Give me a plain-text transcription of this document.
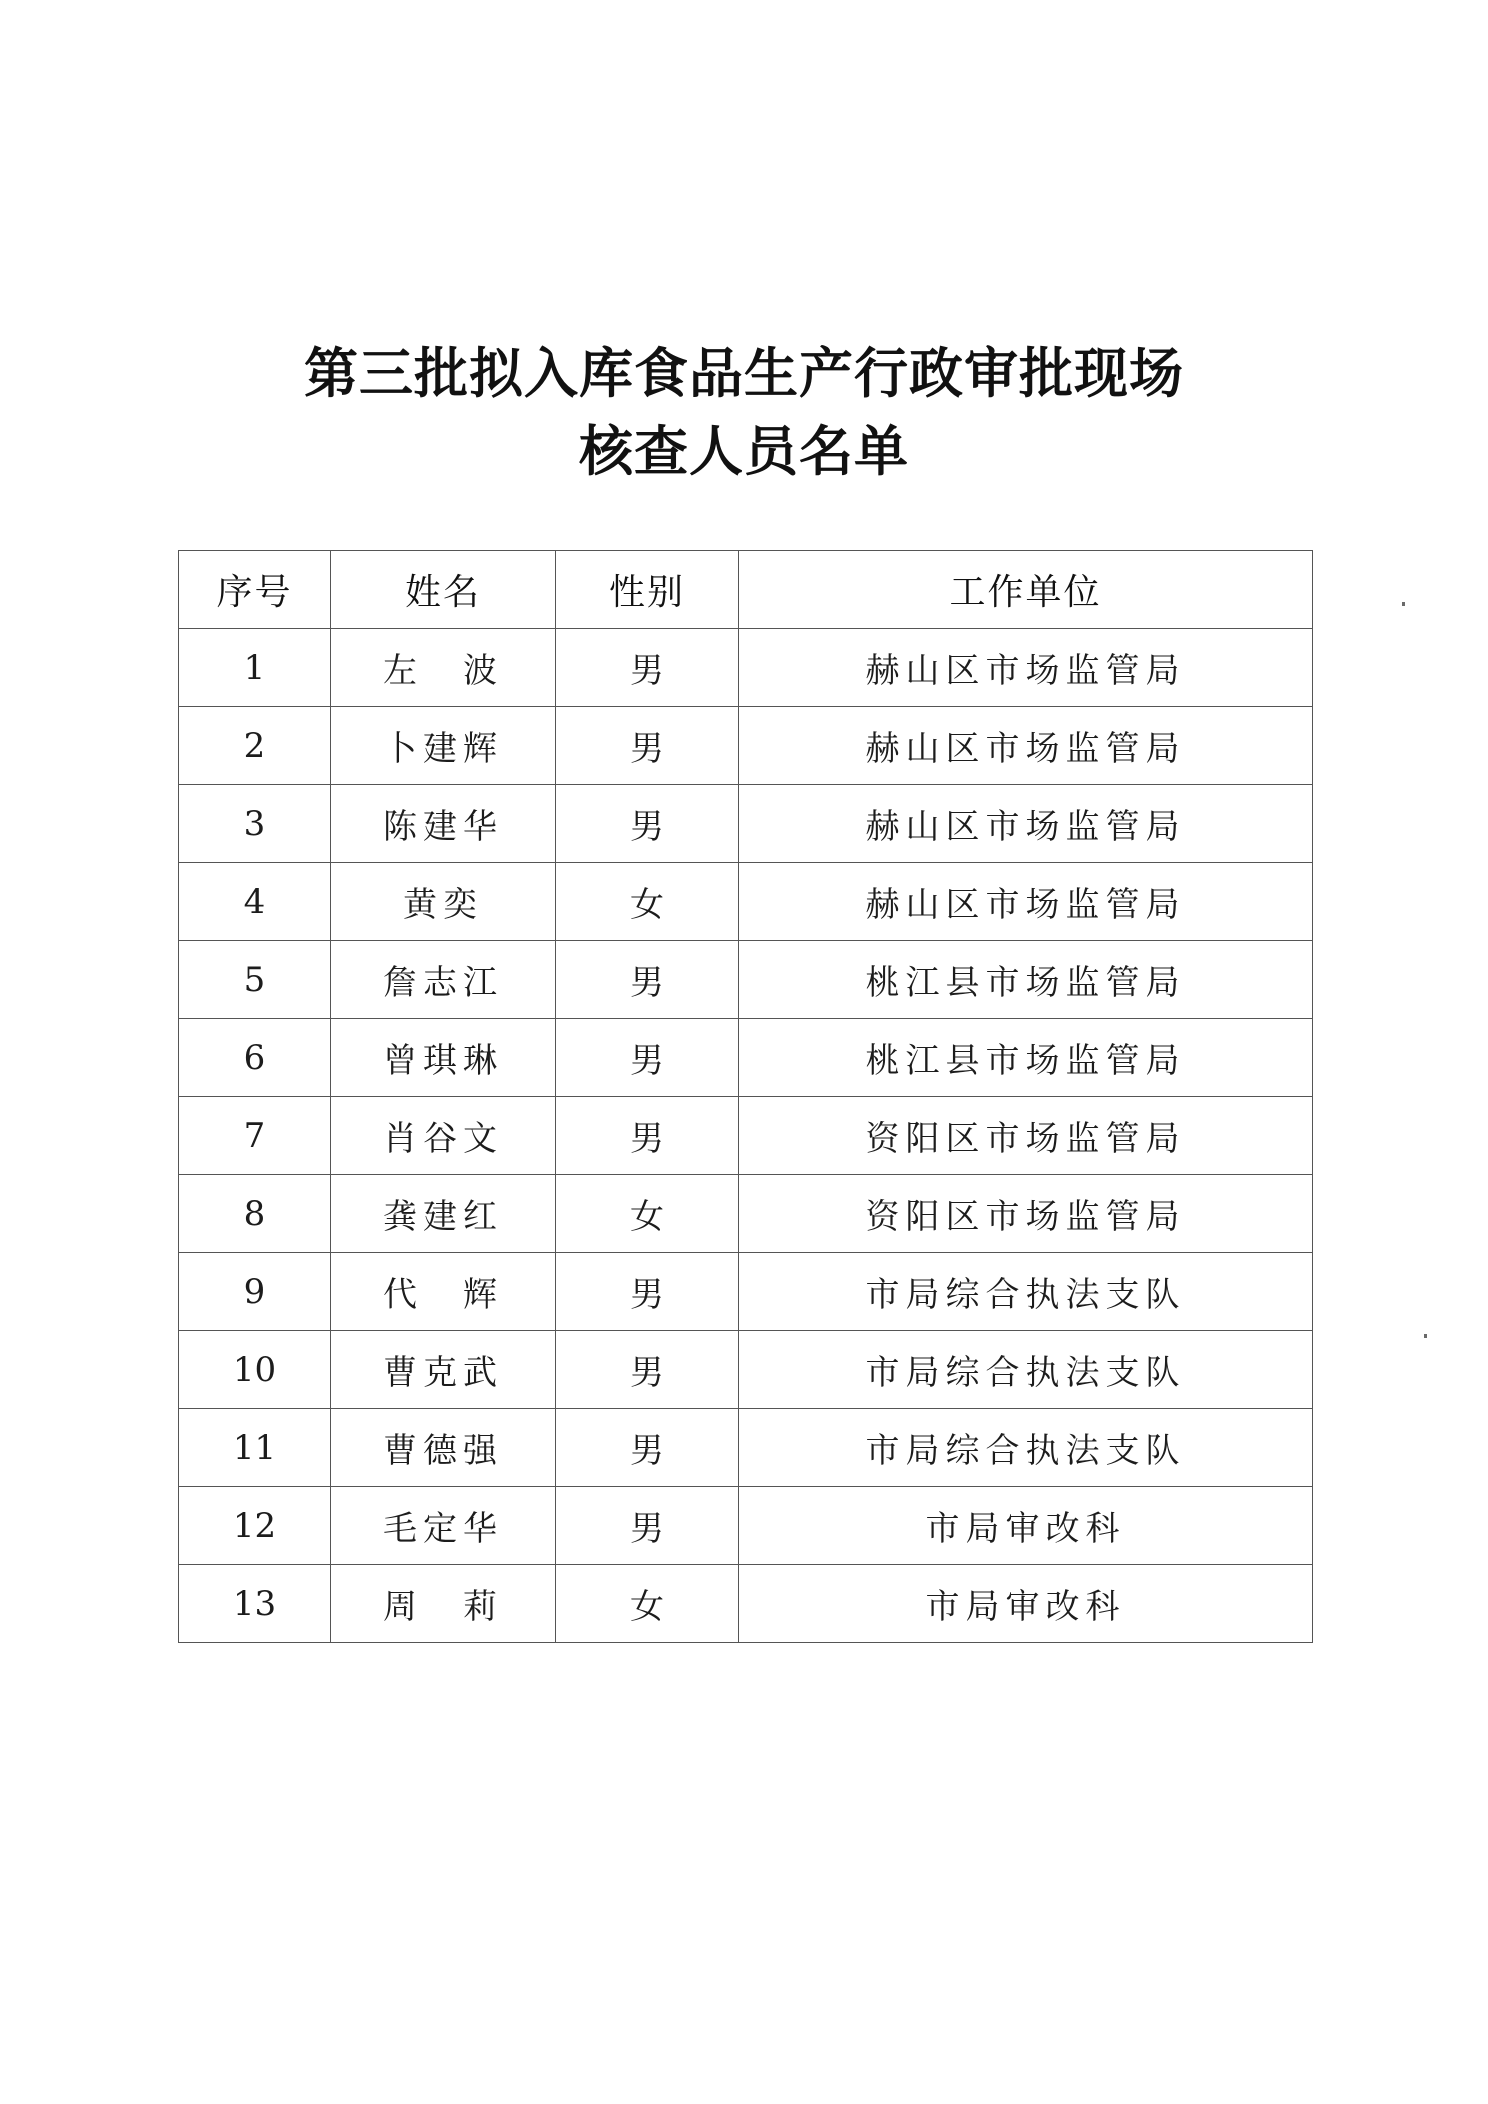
第三批拟入库食品生产行政审批现场
核查人员名单
序号	姓名	性别	工作单位
1	左　波	男	赫山区市场监管局
2	卜建辉	男	赫山区市场监管局
3	陈建华	男	赫山区市场监管局
4	黄奕	女	赫山区市场监管局
5	詹志江	男	桃江县市场监管局
6	曾琪琳	男	桃江县市场监管局
7	肖谷文	男	资阳区市场监管局
8	龚建红	女	资阳区市场监管局
9	代　辉	男	市局综合执法支队
10	曹克武	男	市局综合执法支队
11	曹德强	男	市局综合执法支队
12	毛定华	男	市局审改科
13	周　莉	女	市局审改科
